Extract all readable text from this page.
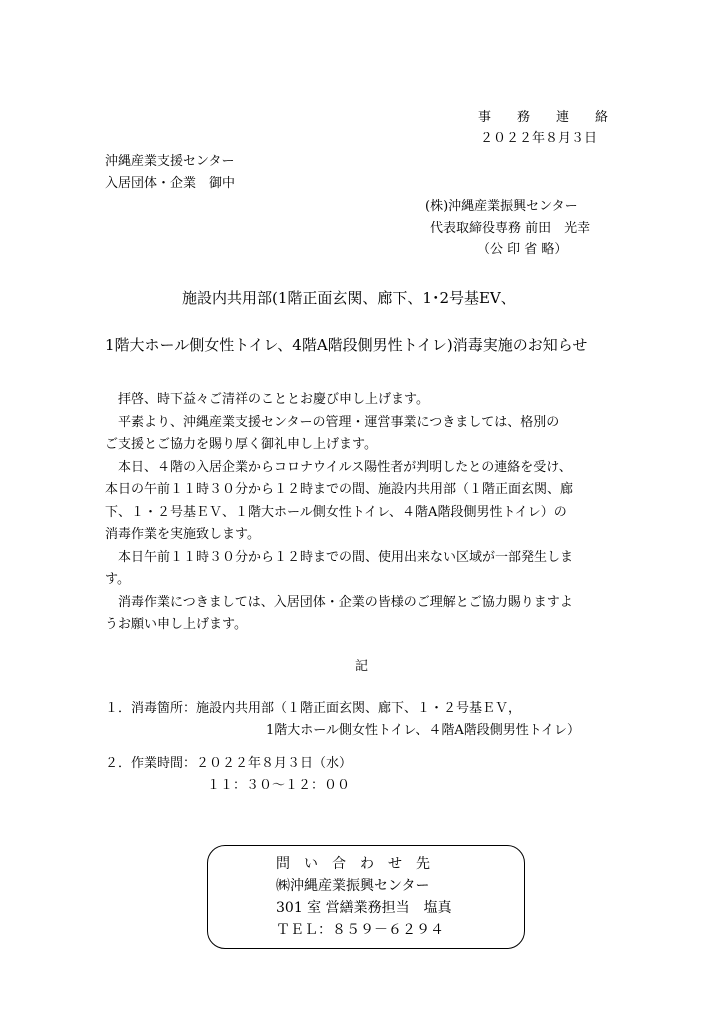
事　　務　　連　　絡
２０２２年８月３日
沖縄産業支援センター
入居団体・企業　御中
(株)沖縄産業振興センター
代表取締役専務 前田　光幸
（公 印 省 略）
施設内共用部(1階正面玄関、廊下、1･2号基EV、
1階大ホール側女性トイレ、4階A階段側男性トイレ)消毒実施のお知らせ
　拝啓、時下益々ご清祥のこととお慶び申し上げます。
　平素より、沖縄産業支援センターの管理・運営事業につきましては、格別の
ご支援とご協力を賜り厚く御礼申し上げます。
　本日、４階の入居企業からコロナウイルス陽性者が判明したとの連絡を受け、
本日の午前１１時３０分から１２時までの間、施設内共用部（１階正面玄関、廊
下、１・２号基ＥＶ、１階大ホール側女性トイレ、４階A階段側男性トイレ）の
消毒作業を実施致します。
　本日午前１１時３０分から１２時までの間、使用出来ない区域が一部発生しま
す。
　消毒作業につきましては、入居団体・企業の皆様のご理解とご協力賜りますよ
うお願い申し上げます。
記
１．消毒箇所：施設内共用部（１階正面玄関、廊下、１・２号基ＥＶ，
1階大ホール側女性トイレ、４階A階段側男性トイレ）
２．作業時間：２０２２年８月３日（水）
１１：３０～１２：００
問　い　合　わ　せ　先
㈱沖縄産業振興センター
301 室 営繕業務担当　塩真
ＴＥＬ：８５９－６２９４
